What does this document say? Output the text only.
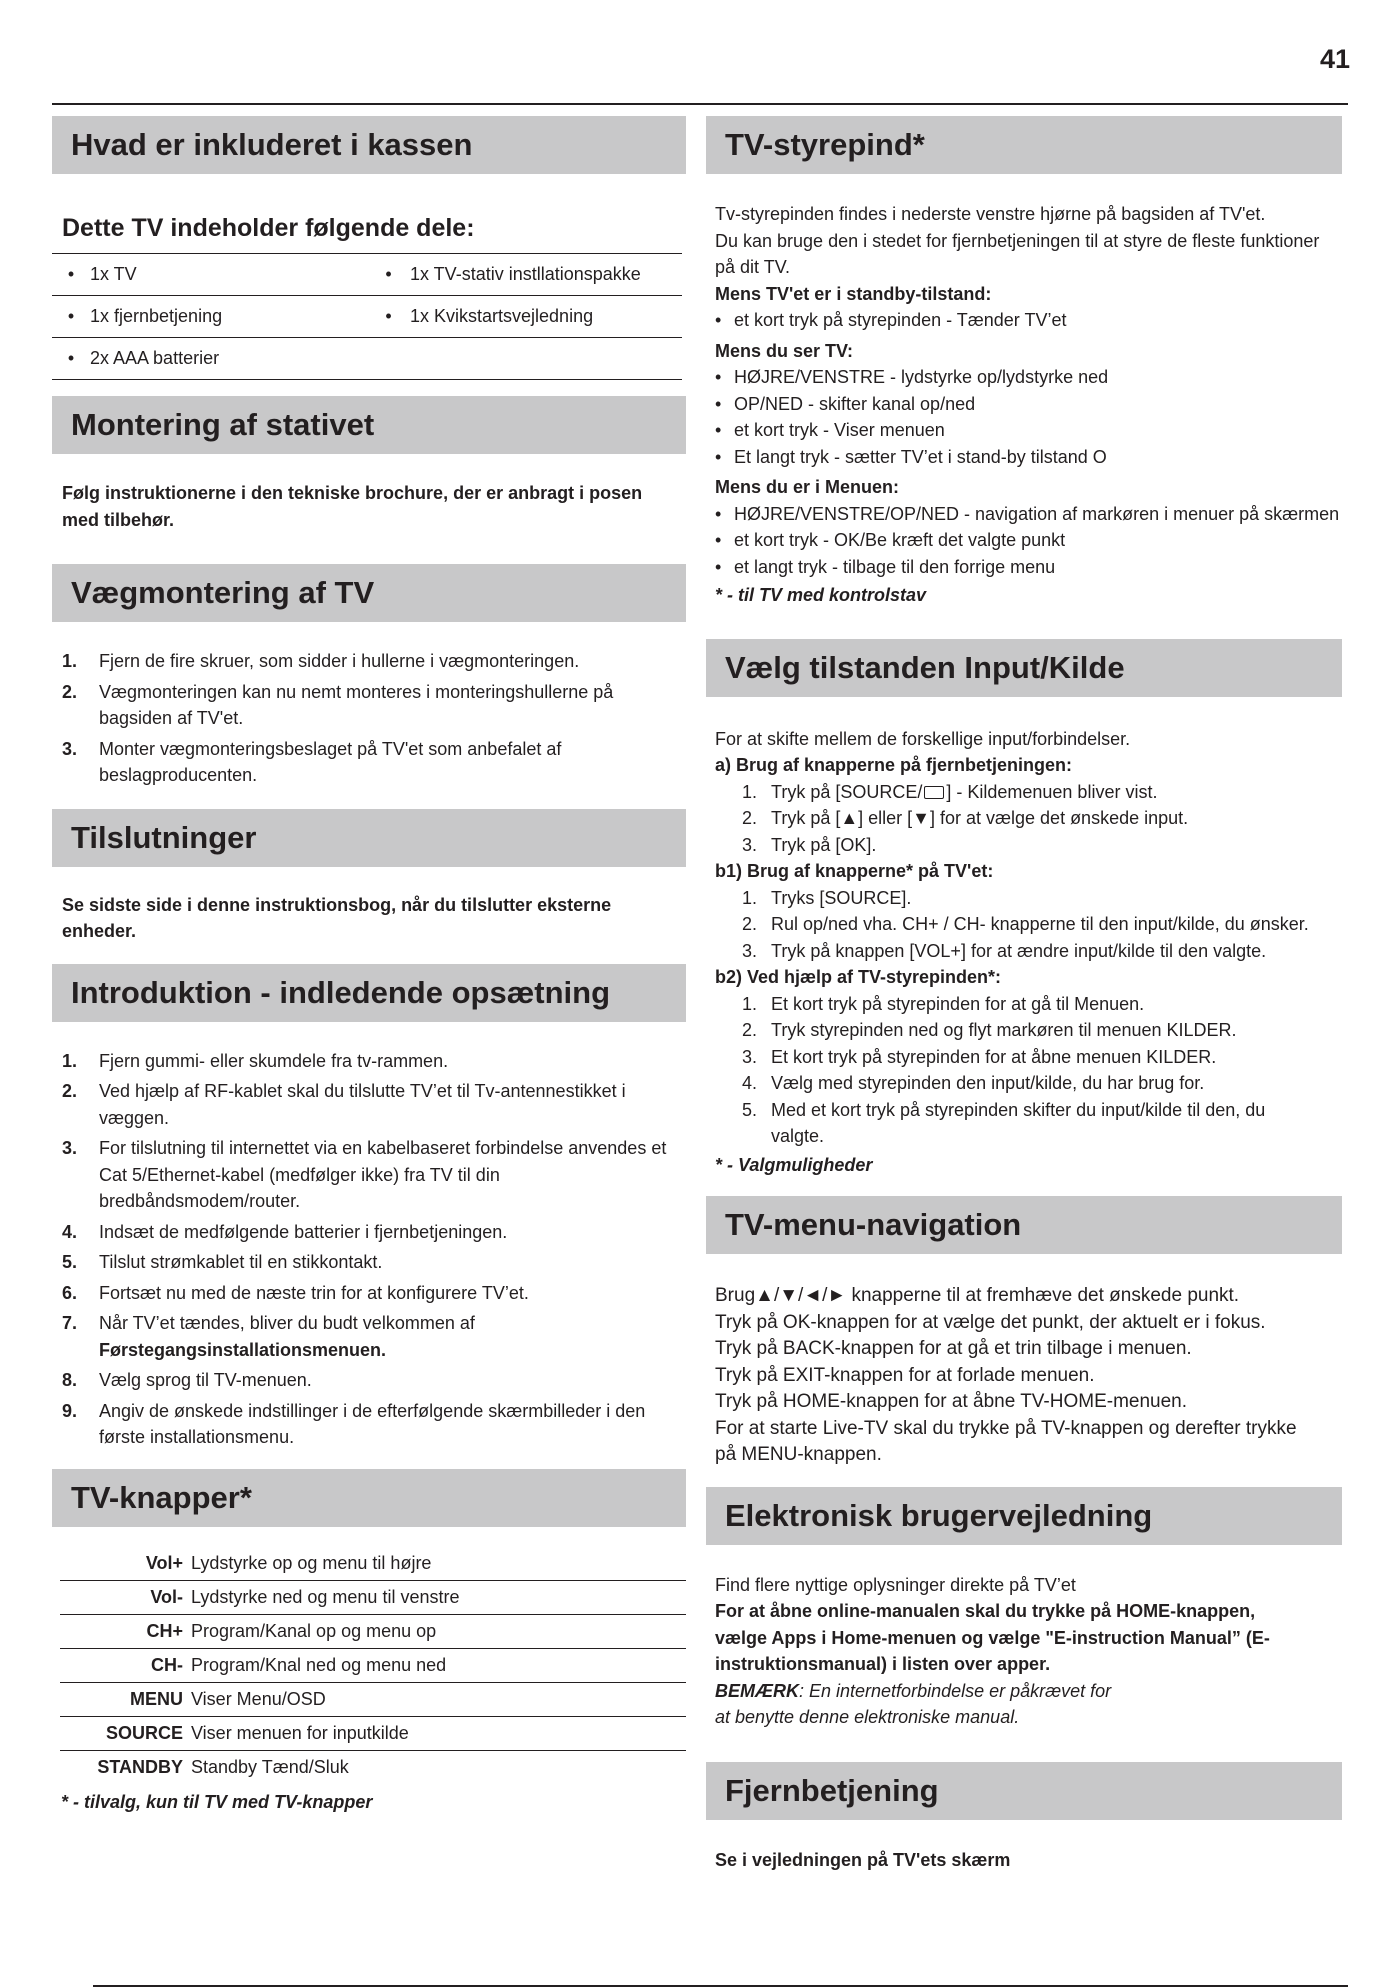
41
Hvad er inkluderet i kassen
Dette TV indeholder følgende dele:
• 1x TV	•	1x TV-stativ instllationspakke
• 1x fjernbetjening	•	1x Kvikstartsvejledning
• 2x AAA batterier
Montering af stativet
Følg instruktionerne i den tekniske brochure, der er anbragt i posen med tilbehør.
Vægmontering af TV
1.	Fjern de fire skruer, som sidder i hullerne i vægmonteringen.
2.	Vægmonteringen kan nu nemt monteres i monteringshullerne på bagsiden af TV'et.
3.	Monter vægmonteringsbeslaget på TV'et som anbefalet af beslagproducenten.
Tilslutninger
Se sidste side i denne instruktionsbog, når du tilslutter eksterne enheder.
Introduktion - indledende opsætning
1.	Fjern gummi- eller skumdele fra tv-rammen.
2.	Ved hjælp af RF-kablet skal du tilslutte TV’et til Tv-antennestikket i væggen.
3.	For tilslutning til internettet via en kabelbaseret forbindelse anvendes et Cat 5/Ethernet-kabel (medfølger ikke) fra TV til din bredbåndsmodem/router.
4.	Indsæt de medfølgende batterier i fjernbetjeningen.
5.	Tilslut strømkablet til en stikkontakt.
6.	Fortsæt nu med de næste trin for at konfigurere TV’et.
7.	Når TV’et tændes, bliver du budt velkommen af
Førstegangsinstallationsmenuen.
8.	Vælg sprog til TV-menuen.
9.	Angiv de ønskede indstillinger i de efterfølgende skærmbilleder i den første installationsmenu.
TV-knapper*
Vol+	Lydstyrke op og menu til højre
Vol-	Lydstyrke ned og menu til venstre
CH+	Program/Kanal op og menu op
CH-	Program/Knal ned og menu ned
MENU	Viser Menu/OSD
SOURCE	Viser menuen for inputkilde
STANDBY	Standby Tænd/Sluk
* - tilvalg, kun til TV med TV-knapper
TV-styrepind*

Tv-styrepinden findes i nederste venstre hjørne på bagsiden af TV'et.

Du kan bruge den i stedet for fjernbetjeningen til at styre de fleste funktioner på dit TV.

Mens TV'et er i standby-tilstand:
• et kort tryk på styrepinden - Tænder TV’et
Mens du ser TV:
• HØJRE/VENSTRE - lydstyrke op/lydstyrke ned
• OP/NED - skifter kanal op/ned
• et kort tryk - Viser menuen
• Et langt tryk - sætter TV’et i stand-by tilstand O
Mens du er i Menuen:
• HØJRE/VENSTRE/OP/NED - navigation af markøren i menuer på skærmen
• et kort tryk - OK/Be kræft det valgte punkt
• et langt tryk - tilbage til den forrige menu
* - til TV med kontrolstav
Vælg tilstanden Input/Kilde
For at skifte mellem de forskellige input/forbindelser.
a) Brug af knapperne på fjernbetjeningen:
1. Tryk på [SOURCE/ ] - Kildemenuen bliver vist.
2. Tryk på [▲] eller [▼] for at vælge det ønskede input.
3. Tryk på [OK].
b1) Brug af knapperne* på TV'et:
1. Tryks [SOURCE].
2. Rul op/ned vha. CH+ / CH- knapperne til den input/kilde, du ønsker.
3. Tryk på knappen [VOL+] for at ændre input/kilde til den valgte.
b2) Ved hjælp af TV-styrepinden*:
1. Et kort tryk på styrepinden for at gå til Menuen.
2. Tryk styrepinden ned og flyt markøren til menuen KILDER.
3. Et kort tryk på styrepinden for at åbne menuen KILDER.
4. Vælg med styrepinden den input/kilde, du har brug for.
5. Med et kort tryk på styrepinden skifter du input/kilde til den, du valgte.
* - Valgmuligheder
TV-menu-navigation

Brug▲/▼/◄/► knapperne til at fremhæve det ønskede punkt.

Tryk på OK-knappen for at vælge det punkt, der aktuelt er i fokus.

Tryk på BACK-knappen for at gå et trin tilbage i menuen.

Tryk på EXIT-knappen for at forlade menuen.

Tryk på HOME-knappen for at åbne TV-HOME-menuen.

For at starte Live-TV skal du trykke på TV-knappen og derefter trykke på MENU-knappen.

Elektronisk brugervejledning

Find flere nyttige oplysninger direkte på TV’et

For at åbne online-manualen skal du trykke på HOME-knappen, vælge Apps i Home-menuen og vælge "E-instruction Manual” (E-instruktionsmanual) i listen over apper.

BEMÆRK: En internetforbindelse er påkrævet for at benytte denne elektroniske manual.

Fjernbetjening
Se i vejledningen på TV'ets skærm
